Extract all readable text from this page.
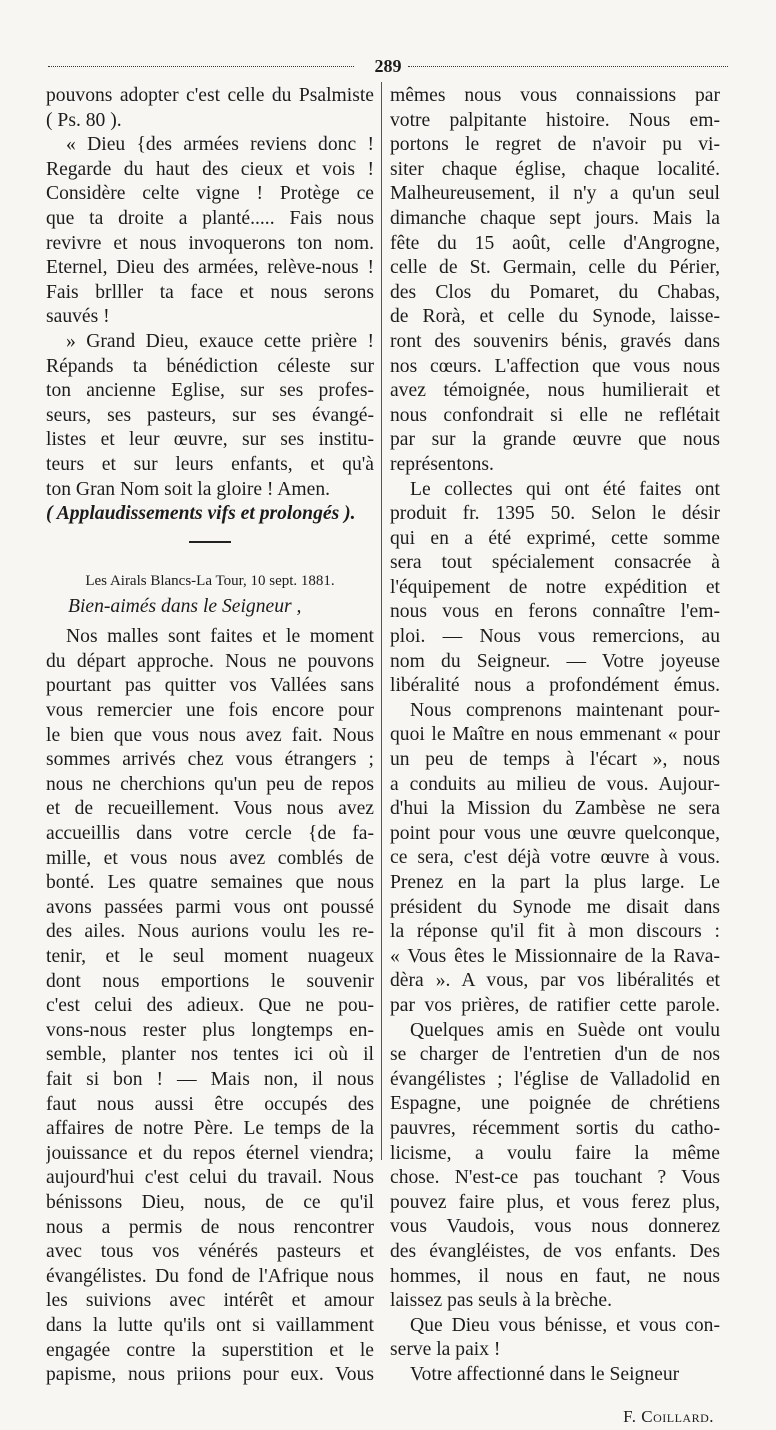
289
pouvons adopter c'est celle du Psalmiste
( Ps. 80 ).
« Dieu {des armées reviens donc !
Regarde du haut des cieux et vois !
Considère celte vigne ! Protège ce
que ta droite a planté..... Fais nous
revivre et nous invoquerons ton nom.
Eternel, Dieu des armées, relève-nous !
Fais brlller ta face et nous serons
sauvés !
» Grand Dieu, exauce cette prière !
Répands ta bénédiction céleste sur
ton ancienne Eglise, sur ses profes-
seurs, ses pasteurs, sur ses évangé-
listes et leur œuvre, sur ses institu-
teurs et sur leurs enfants, et qu'à
ton Gran Nom soit la gloire ! Amen.
( Applaudissements vifs et prolongés ).
Les Airals Blancs-La Tour, 10 sept. 1881.
Bien-aimés dans le Seigneur ,
Nos malles sont faites et le moment
du départ approche. Nous ne pouvons
pourtant pas quitter vos Vallées sans
vous remercier une fois encore pour
le bien que vous nous avez fait. Nous
sommes arrivés chez vous étrangers ;
nous ne cherchions qu'un peu de repos
et de recueillement. Vous nous avez
accueillis dans votre cercle {de fa-
mille, et vous nous avez comblés de
bonté. Les quatre semaines que nous
avons passées parmi vous ont poussé
des ailes. Nous aurions voulu les re-
tenir, et le seul moment nuageux
dont nous emportions le souvenir
c'est celui des adieux. Que ne pou-
vons-nous rester plus longtemps en-
semble, planter nos tentes ici où il
fait si bon ! — Mais non, il nous
faut nous aussi être occupés des
affaires de notre Père. Le temps de la
jouissance et du repos éternel viendra;
aujourd'hui c'est celui du travail. Nous
bénissons Dieu, nous, de ce qu'il
nous a permis de nous rencontrer
avec tous vos vénérés pasteurs et
évangélistes. Du fond de l'Afrique nous
les suivions avec intérêt et amour
dans la lutte qu'ils ont si vaillamment
engagée contre la superstition et le
papisme, nous priions pour eux. Vous
mêmes nous vous connaissions par
votre palpitante histoire. Nous em-
portons le regret de n'avoir pu vi-
siter chaque église, chaque localité.
Malheureusement, il n'y a qu'un seul
dimanche chaque sept jours. Mais la
fête du 15 août, celle d'Angrogne,
celle de St. Germain, celle du Périer,
des Clos du Pomaret, du Chabas,
de Rorà, et celle du Synode, laisse-
ront des souvenirs bénis, gravés dans
nos cœurs. L'affection que vous nous
avez témoignée, nous humilierait et
nous confondrait si elle ne reflétait
par sur la grande œuvre que nous
représentons.
Le collectes qui ont été faites ont
produit fr. 1395 50. Selon le désir
qui en a été exprimé, cette somme
sera tout spécialement consacrée à
l'équipement de notre expédition et
nous vous en ferons connaître l'em-
ploi. — Nous vous remercions, au
nom du Seigneur. — Votre joyeuse
libéralité nous a profondément émus.
Nous comprenons maintenant pour-
quoi le Maître en nous emmenant « pour
un peu de temps à l'écart », nous
a conduits au milieu de vous. Aujour-
d'hui la Mission du Zambèse ne sera
point pour vous une œuvre quelconque,
ce sera, c'est déjà votre œuvre à vous.
Prenez en la part la plus large. Le
président du Synode me disait dans
la réponse qu'il fit à mon discours :
« Vous êtes le Missionnaire de la Rava-
dèra ». A vous, par vos libéralités et
par vos prières, de ratifier cette parole.
Quelques amis en Suède ont voulu
se charger de l'entretien d'un de nos
évangélistes ; l'église de Valladolid en
Espagne, une poignée de chrétiens
pauvres, récemment sortis du catho-
licisme, a voulu faire la même
chose. N'est-ce pas touchant ? Vous
pouvez faire plus, et vous ferez plus,
vous Vaudois, vous nous donnerez
des évangléistes, de vos enfants. Des
hommes, il nous en faut, ne nous
laissez pas seuls à la brèche.
Que Dieu vous bénisse, et vous con-
serve la paix !
Votre affectionné dans le Seigneur
F. Coillard.
